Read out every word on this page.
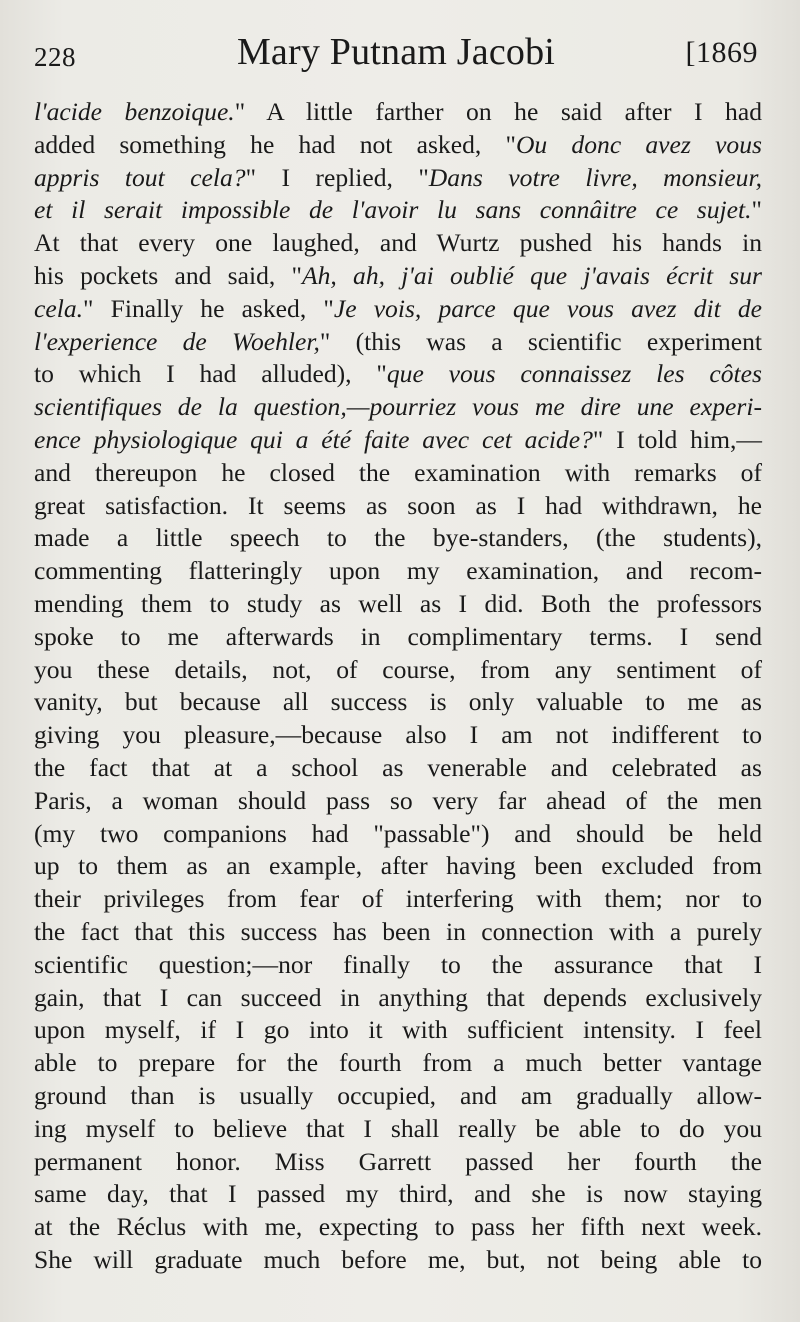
228	Mary Putnam Jacobi	[1869
l'acide benzoique." A little farther on he said after I had
added something he had not asked, "Ou donc avez vous
appris tout cela?" I replied, "Dans votre livre, monsieur,
et il serait impossible de l'avoir lu sans connâitre ce sujet."
At that every one laughed, and Wurtz pushed his hands in
his pockets and said, "Ah, ah, j'ai oublié que j'avais écrit sur
cela." Finally he asked, "Je vois, parce que vous avez dit de
l'experience de Woehler," (this was a scientific experiment
to which I had alluded), "que vous connaissez les côtes
scientifiques de la question,—pourriez vous me dire une experi-
ence physiologique qui a été faite avec cet acide?" I told him,—
and thereupon he closed the examination with remarks of
great satisfaction. It seems as soon as I had withdrawn, he
made a little speech to the bye-standers, (the students),
commenting flatteringly upon my examination, and recom-
mending them to study as well as I did. Both the professors
spoke to me afterwards in complimentary terms. I send
you these details, not, of course, from any sentiment of
vanity, but because all success is only valuable to me as
giving you pleasure,—because also I am not indifferent to
the fact that at a school as venerable and celebrated as
Paris, a woman should pass so very far ahead of the men
(my two companions had "passable") and should be held
up to them as an example, after having been excluded from
their privileges from fear of interfering with them; nor to
the fact that this success has been in connection with a purely
scientific question;—nor finally to the assurance that I
gain, that I can succeed in anything that depends exclusively
upon myself, if I go into it with sufficient intensity. I feel
able to prepare for the fourth from a much better vantage
ground than is usually occupied, and am gradually allow-
ing myself to believe that I shall really be able to do you
permanent honor. Miss Garrett passed her fourth the
same day, that I passed my third, and she is now staying
at the Réclus with me, expecting to pass her fifth next week.
She will graduate much before me, but, not being able to
